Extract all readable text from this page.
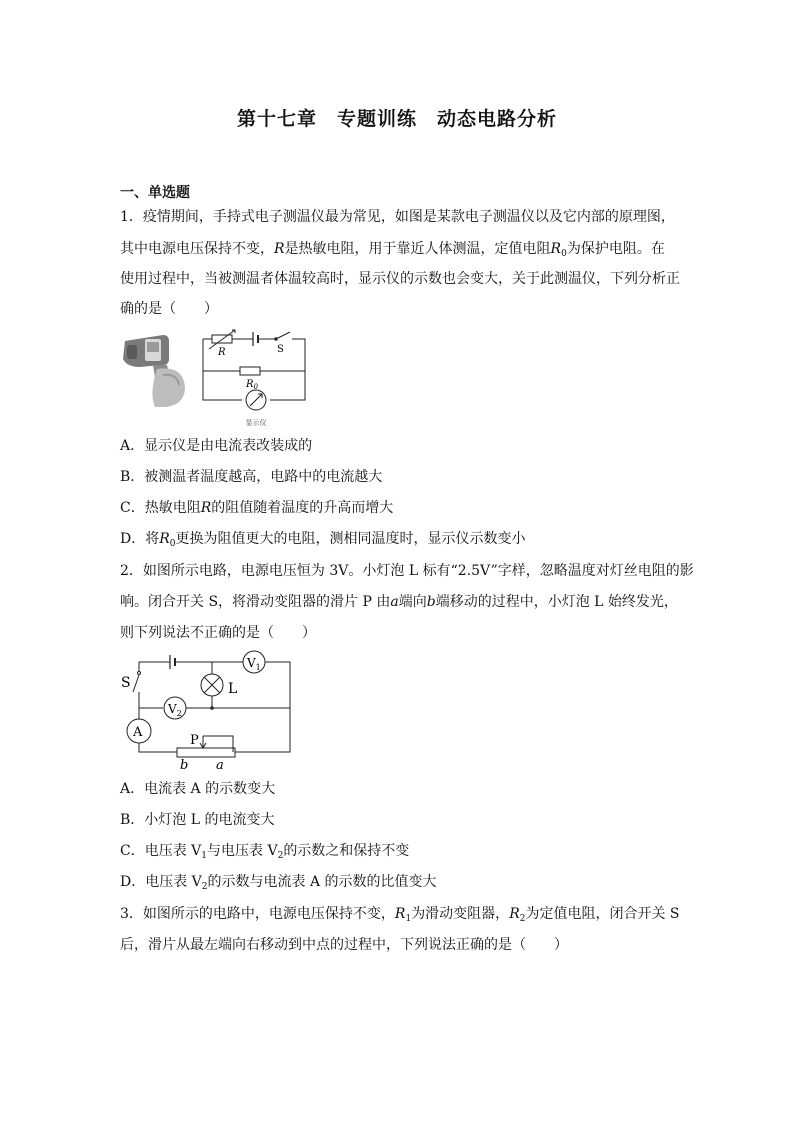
第十七章　专题训练　动态电路分析
一、单选题
1．疫情期间，手持式电子测温仪最为常见，如图是某款电子测温仪以及它内部的原理图，
其中电源电压保持不变，R是热敏电阻，用于靠近人体测温，定值电阻$R_0$为保护电阻。在
使用过程中，当被测温者体温较高时，显示仪的示数也会变大，关于此测温仪，下列分析正
确的是（　　）
R	S
$R_0$
显示仪
A．显示仪是由电流表改装成的
B．被测温者温度越高，电路中的电流越大
C．热敏电阻R的阻值随着温度的升高而增大
D．将$R_0$更换为阻值更大的电阻，测相同温度时，显示仪示数变小
2．如图所示电路，电源电压恒为 3V。小灯泡 L 标有“2.5V”字样，忽略温度对灯丝电阻的影
响。闭合开关 S，将滑动变阻器的滑片 P 由a端向b端移动的过程中，小灯泡 L 始终发光，
则下列说法不正确的是（　　）
S
$V_1$
L
$V_2$
A
P
b a
A．电流表 A 的示数变大
B．小灯泡 L 的电流变大
C．电压表 $V_1$与电压表 $V_2$的示数之和保持不变
D．电压表 $V_2$的示数与电流表 A 的示数的比值变大
3．如图所示的电路中，电源电压保持不变，$R_1$为滑动变阻器，$R_2$为定值电阻，闭合开关 S
后，滑片从最左端向右移动到中点的过程中，下列说法正确的是（　　）
